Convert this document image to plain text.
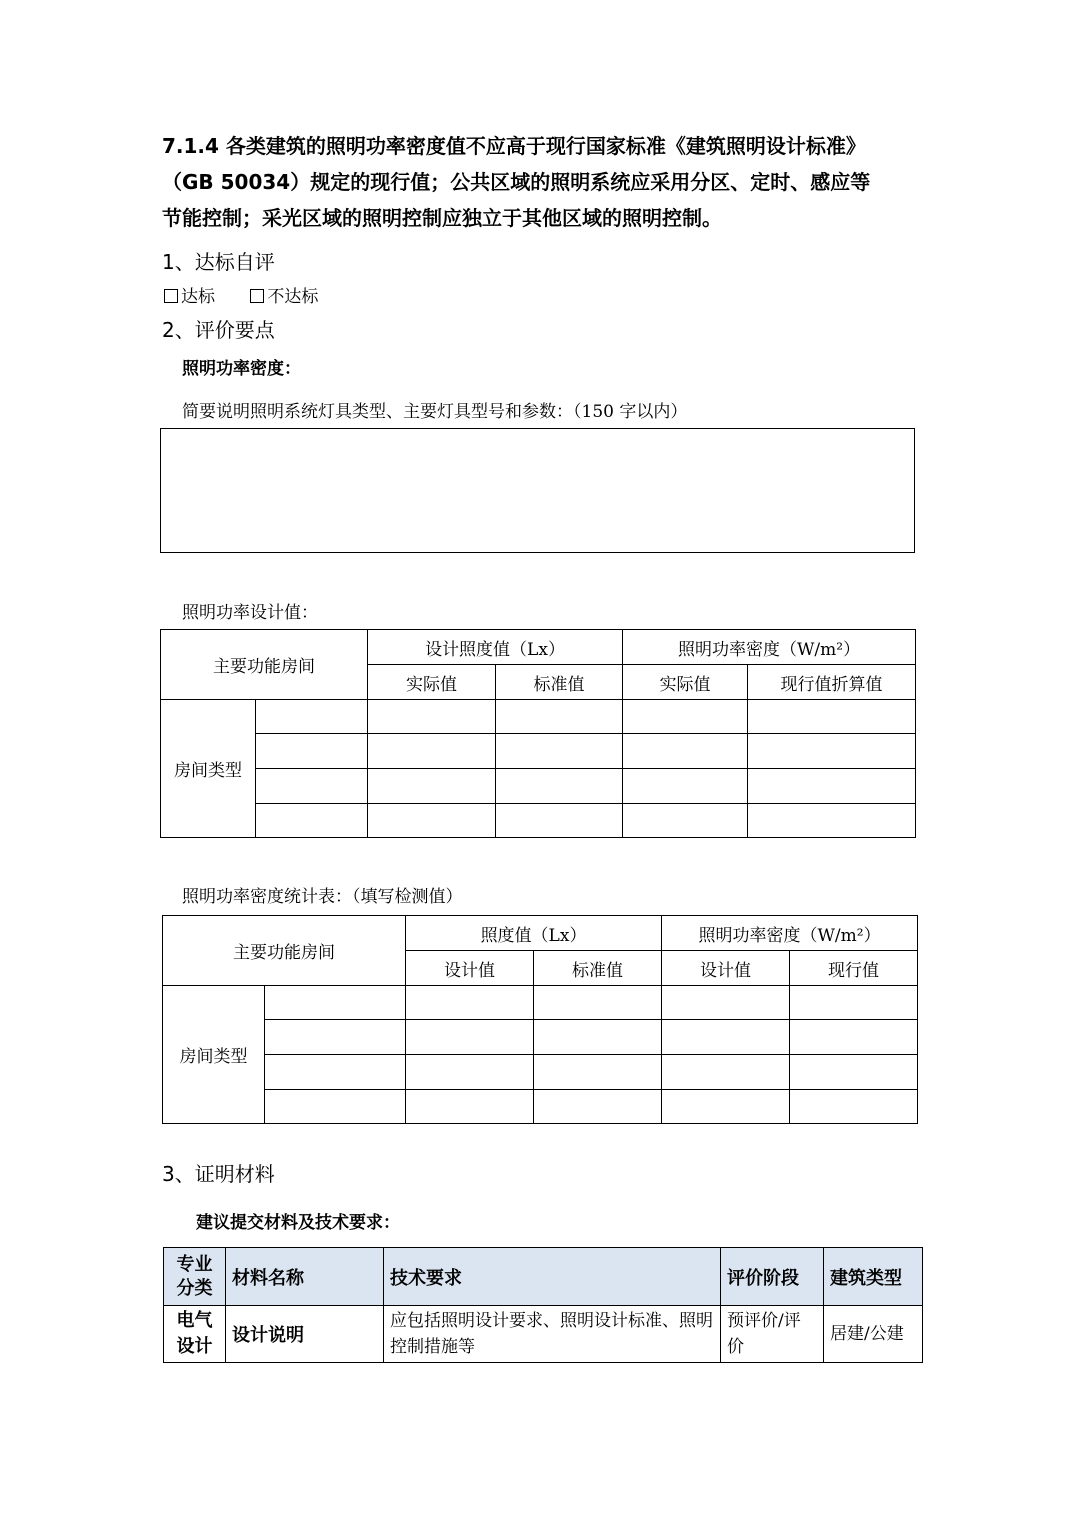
7.1.4 各类建筑的照明功率密度值不应高于现行国家标准《建筑照明设计标准》
（GB 50034）规定的现行值；公共区域的照明系统应采用分区、定时、感应等
节能控制；采光区域的照明控制应独立于其他区域的照明控制。
1、达标自评
达标	不达标
2、评价要点
照明功率密度：
简要说明照明系统灯具类型、主要灯具型号和参数：（150 字以内）
照明功率设计值：
主要功能房间		设计照度值（Lx）		照明功率密度（W/m²）	
		实际值	标准值	实际值	现行值折算值
房间类型					

照明功率密度统计表：（填写检测值）
主要功能房间		照度值（Lx）		照明功率密度（W/m²）	
		设计值	标准值	设计值	现行值
房间类型					

3、证明材料
建议提交材料及技术要求：
专业分类	材料名称	技术要求	评价阶段	建筑类型
电气设计	设计说明	应包括照明设计要求、照明设计标准、照明控制措施等	预评价/评价	居建/公建
